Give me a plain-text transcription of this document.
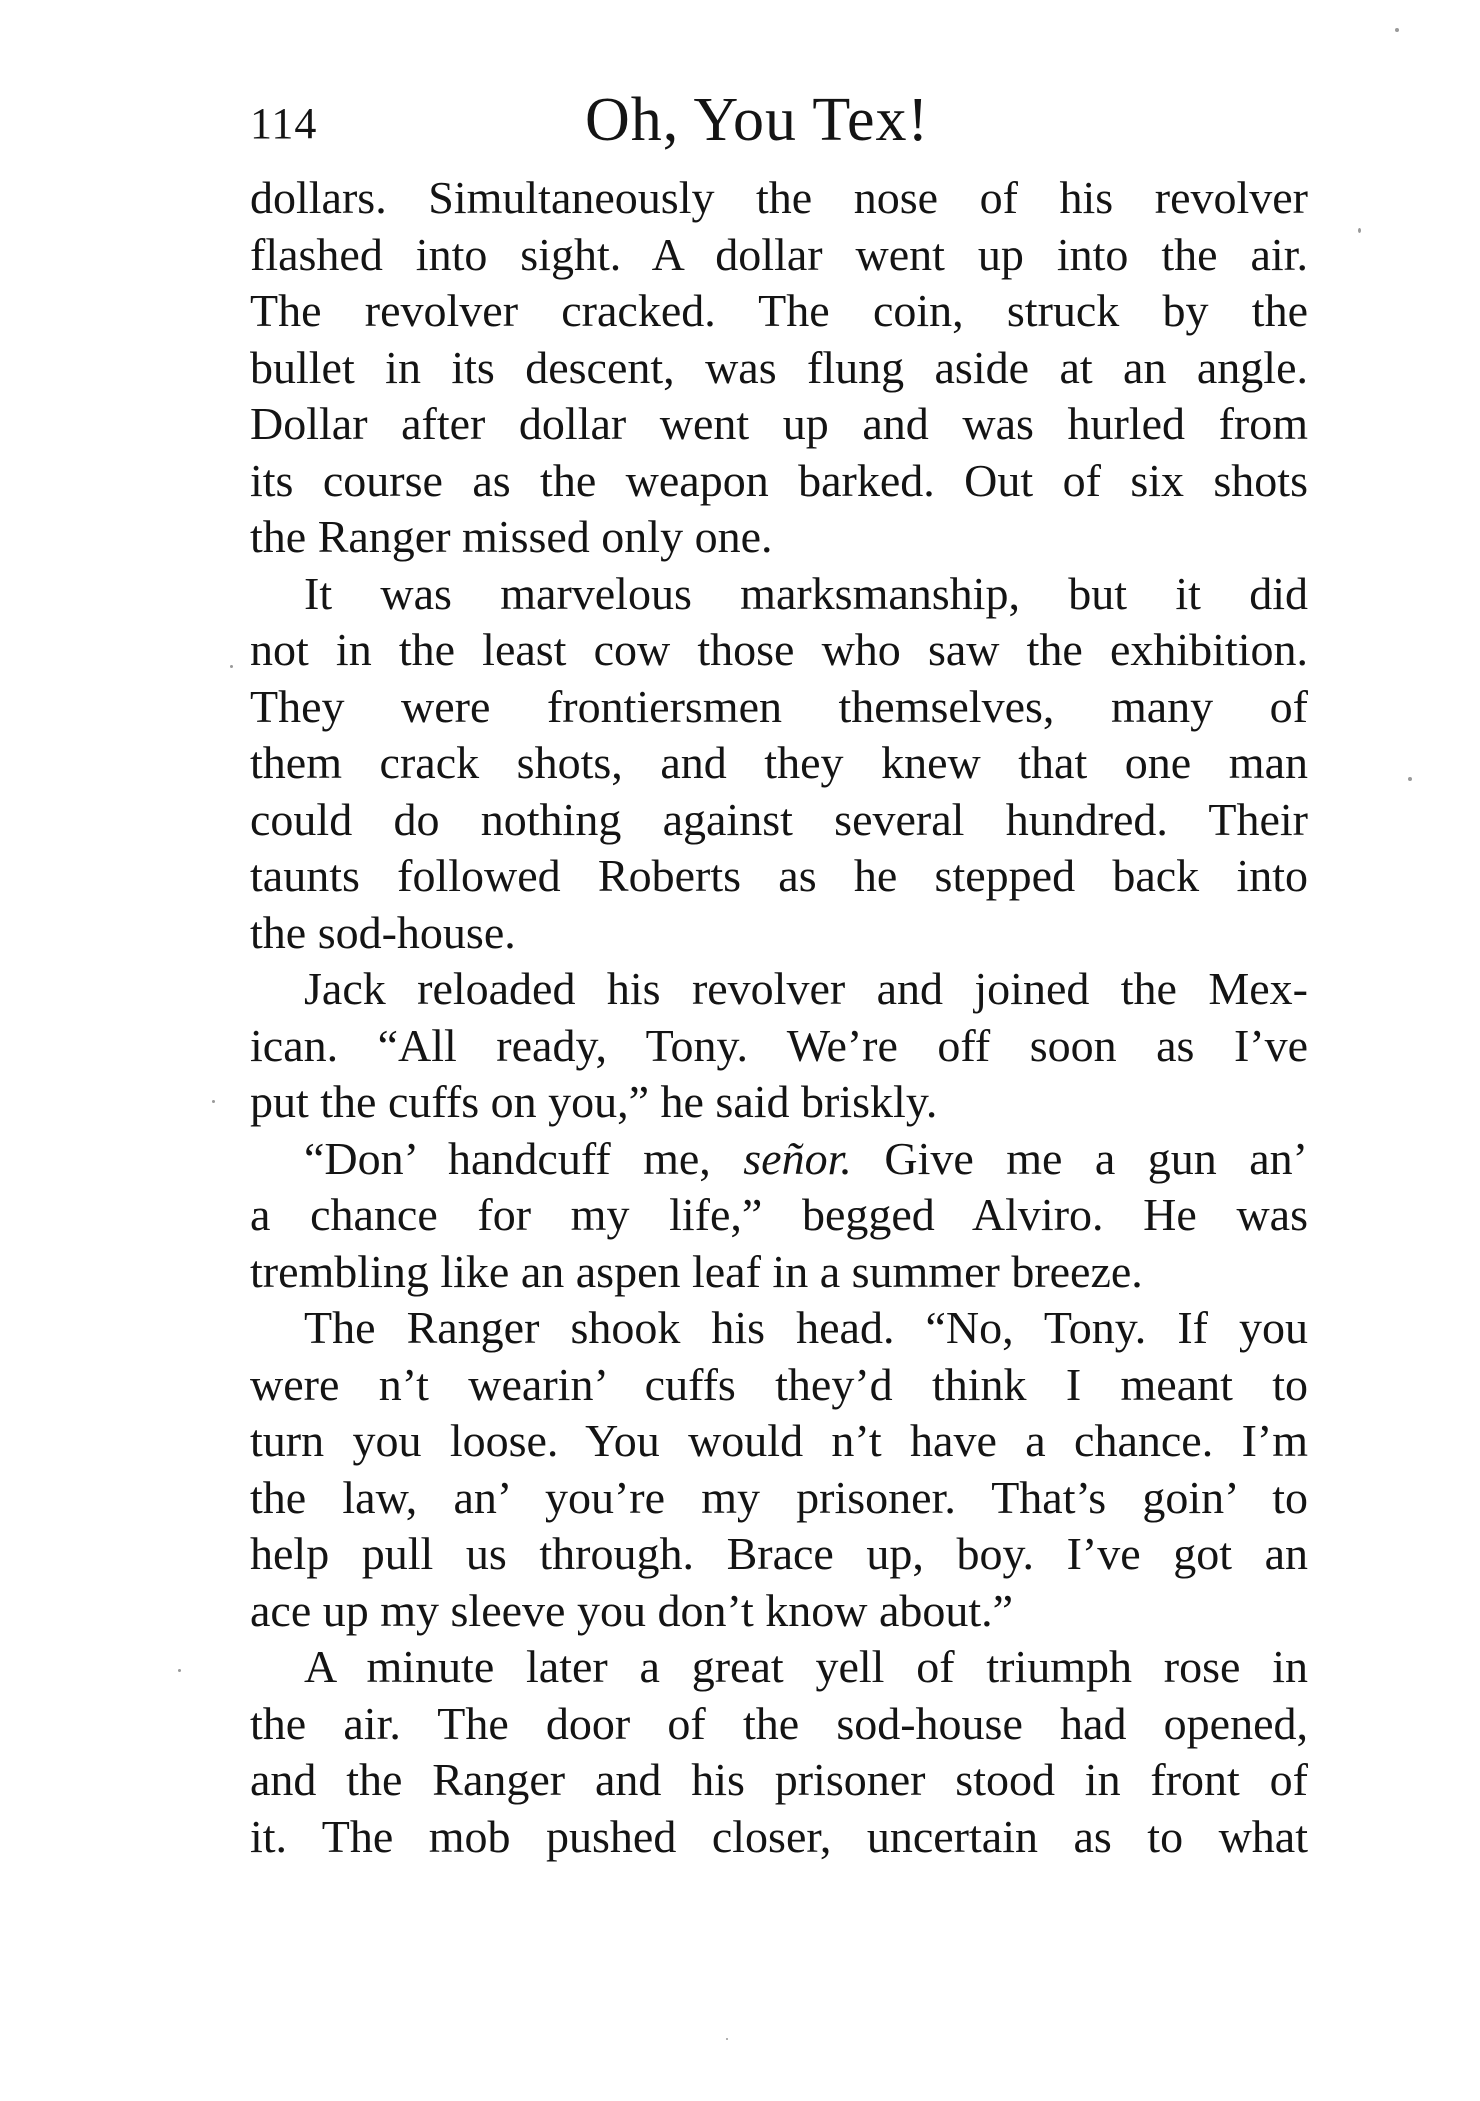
114	Oh, You Tex!
dollars. Simultaneously the nose of his revolver
flashed into sight. A dollar went up into the air.
The revolver cracked. The coin, struck by the
bullet in its descent, was flung aside at an angle.
Dollar after dollar went up and was hurled from
its course as the weapon barked. Out of six shots
the Ranger missed only one.
It was marvelous marksmanship, but it did
not in the least cow those who saw the exhibition.
They were frontiersmen themselves, many of
them crack shots, and they knew that one man
could do nothing against several hundred. Their
taunts followed Roberts as he stepped back into
the sod-house.
Jack reloaded his revolver and joined the Mex-
ican. “All ready, Tony. We’re off soon as I’ve
put the cuffs on you,” he said briskly.
“Don’ handcuff me, señor. Give me a gun an’
a chance for my life,” begged Alviro. He was
trembling like an aspen leaf in a summer breeze.
The Ranger shook his head. “No, Tony. If you
were n’t wearin’ cuffs they’d think I meant to
turn you loose. You would n’t have a chance. I’m
the law, an’ you’re my prisoner. That’s goin’ to
help pull us through. Brace up, boy. I’ve got an
ace up my sleeve you don’t know about.”
A minute later a great yell of triumph rose in
the air. The door of the sod-house had opened,
and the Ranger and his prisoner stood in front of
it. The mob pushed closer, uncertain as to what
